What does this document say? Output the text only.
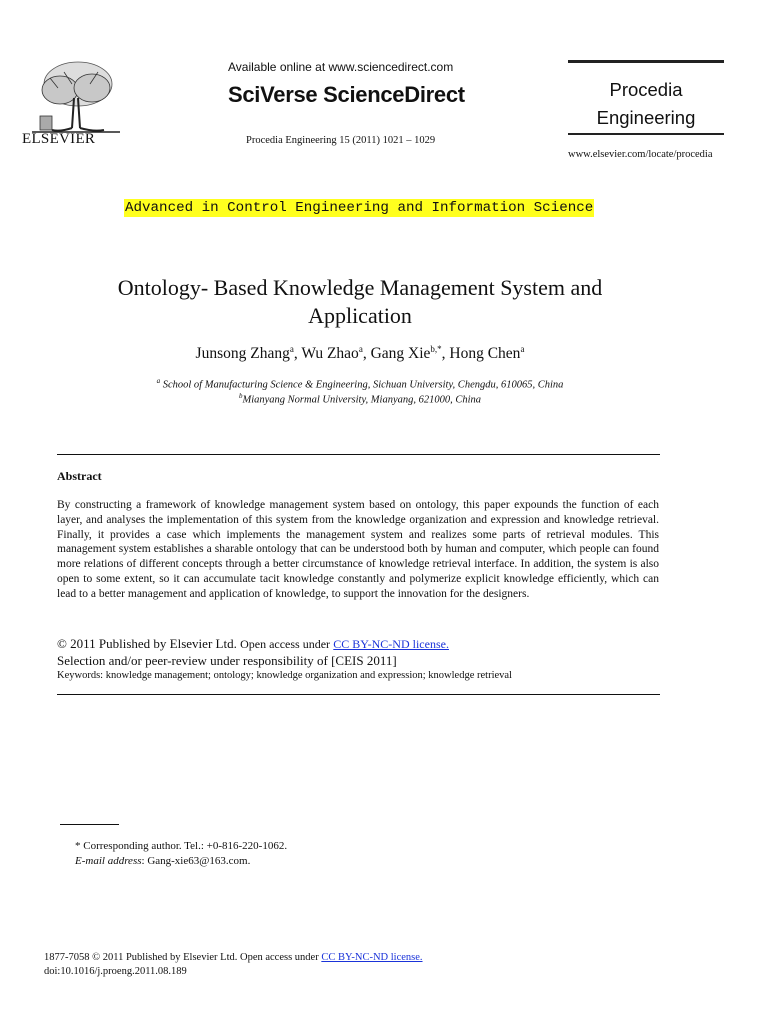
ELSEVIER
Available online at www.sciencedirect.com
SciVerse ScienceDirect
Procedia Engineering 15 (2011) 1021 – 1029
Procedia Engineering
www.elsevier.com/locate/procedia
Advanced in Control Engineering and Information Science
Ontology- Based Knowledge Management System and
Application
Junsong Zhang$^a$, Wu Zhao$^a$, Gang Xie$^{b,*}$, Hong Chen$^a$
$^a$ School of Manufacturing Science & Engineering, Sichuan University, Chengdu, 610065, China
$^b$Mianyang Normal University, Mianyang, 621000, China
Abstract
By constructing a framework of knowledge management system based on ontology, this paper expounds the function of each layer, and analyses the implementation of this system from the knowledge organization and expression and knowledge retrieval. Finally, it provides a case which implements the management system and realizes some parts of retrieval modules. This management system establishes a sharable ontology that can be understood both by human and computer, which people can found more relations of different concepts through a better circumstance of knowledge retrieval interface. In addition, the system is also open to some extent, so it can accumulate tacit knowledge constantly and polymerize explicit knowledge efficiently, which can lead to a better management and application of knowledge, to support the innovation for the designers.
© 2011 Published by Elsevier Ltd. Open access under CC BY-NC-ND license.
Selection and/or peer-review under responsibility of [CEIS 2011]
Keywords: knowledge management; ontology; knowledge organization and expression; knowledge retrieval
* Corresponding author. Tel.: +0-816-220-1062.
E-mail address: Gang-xie63@163.com.
1877-7058 © 2011 Published by Elsevier Ltd. Open access under CC BY-NC-ND license.
doi:10.1016/j.proeng.2011.08.189
